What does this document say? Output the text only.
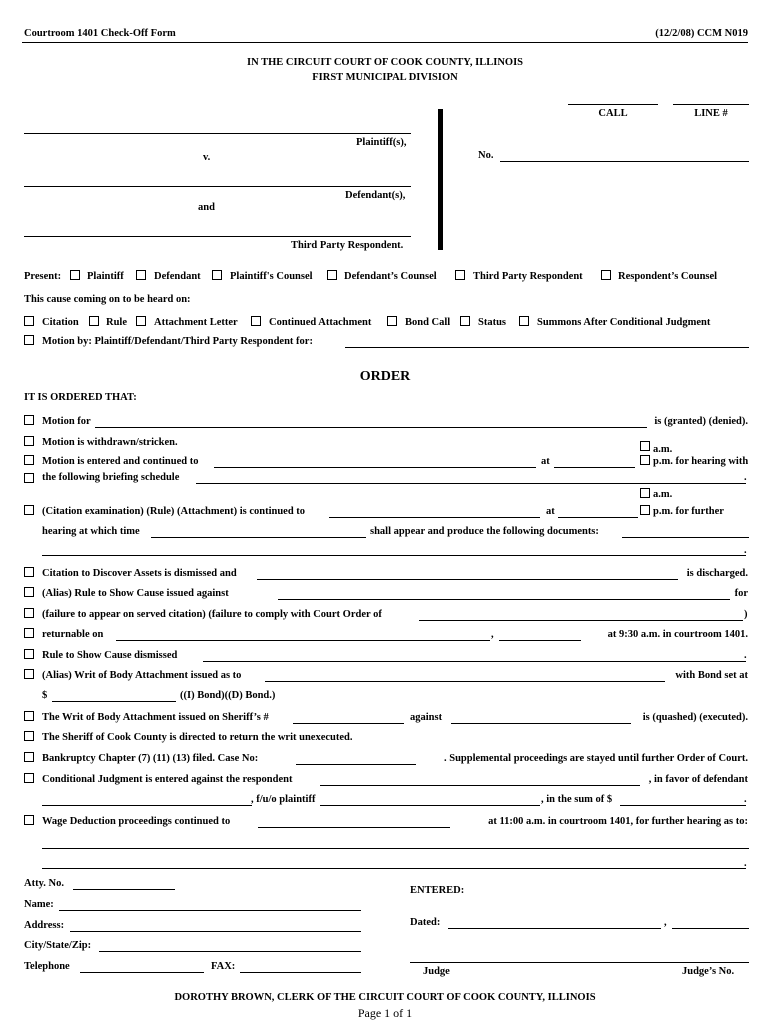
Courtroom 1401 Check-Off Form	(12/2/08) CCM N019
IN THE CIRCUIT COURT OF COOK COUNTY, ILLINOIS
FIRST MUNICIPAL DIVISION
CALL	LINE #
Plaintiff(s),
v.	No.
Defendant(s),
and
Third Party Respondent.
Present: Plaintiff	Defendant	Plaintiff's Counsel	Defendant’s Counsel	Third Party Respondent	Respondent’s Counsel
This cause coming on to be heard on:
Citation	Rule	Attachment Letter	Continued Attachment	Bond Call	Status	Summons After Conditional Judgment
Motion by: Plaintiff/Defendant/Third Party Respondent for:
ORDER
IT IS ORDERED THAT:
Motion for	is (granted) (denied).
Motion is withdrawn/stricken.
a.m.
Motion is entered and continued to	at	p.m. for hearing with
the following briefing schedule	.
a.m.
(Citation examination) (Rule) (Attachment) is continued to	at	p.m. for further
hearing at which time	shall appear and produce the following documents:
.
Citation to Discover Assets is dismissed and	is discharged.
(Alias) Rule to Show Cause issued against	for
(failure to appear on served citation) (failure to comply with Court Order of	)
returnable on	,	at 9:30 a.m. in courtroom 1401.
Rule to Show Cause dismissed	.
(Alias) Writ of Body Attachment issued as to	with Bond set at
$	((I) Bond)((D) Bond.)
The Writ of Body Attachment issued on Sheriff’s #	against	is (quashed) (executed).
The Sheriff of Cook County is directed to return the writ unexecuted.
Bankruptcy Chapter (7) (11) (13) filed. Case No:	. Supplemental proceedings are stayed until further Order of Court.
Conditional Judgment is entered against the respondent	, in favor of defendant
, f/u/o plaintiff	, in the sum of $	.
Wage Deduction proceedings continued to	at 11:00 a.m. in courtroom 1401, for further hearing as to:
.
Atty. No.
Name:
Address:
City/State/Zip:
Telephone	FAX:
ENTERED:
Dated:	,
Judge	Judge’s No.
DOROTHY BROWN, CLERK OF THE CIRCUIT COURT OF COOK COUNTY, ILLINOIS
Page 1 of 1
